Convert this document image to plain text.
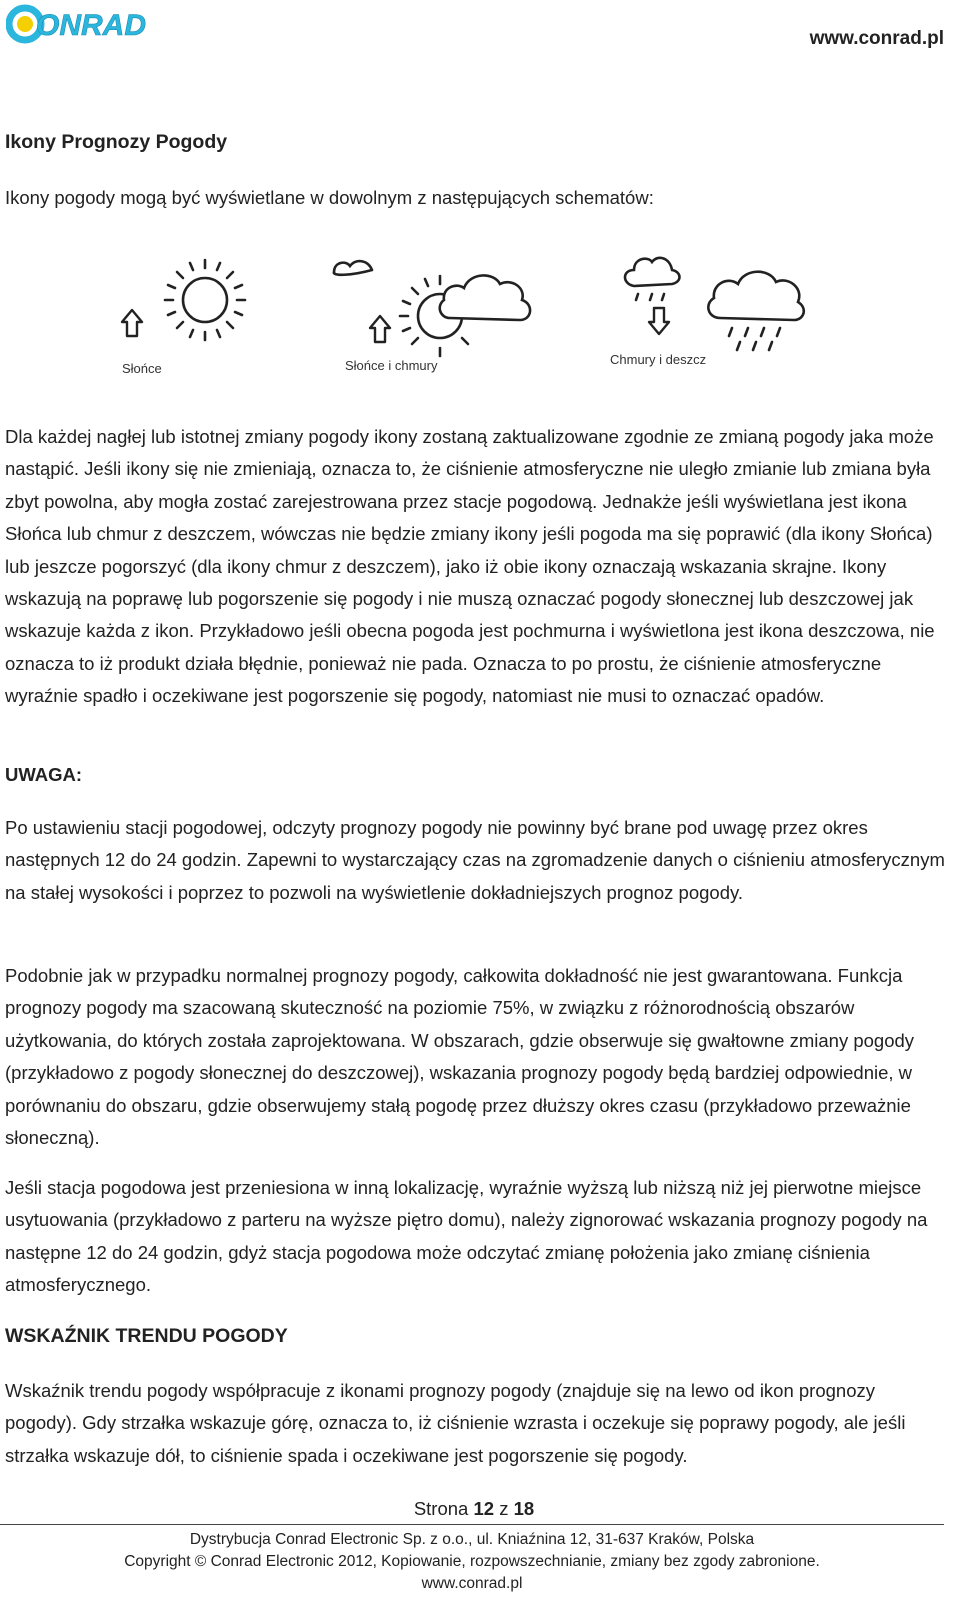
ONRAD	www.conrad.pl
Ikony Prognozy Pogody

Ikony pogody mogą być wyświetlane w dowolnym z następujących schematów:

Słońce	Słońce i chmury	Chmury i deszcz

Dla każdej nagłej lub istotnej zmiany pogody ikony zostaną zaktualizowane zgodnie ze zmianą pogody jaka może nastąpić. Jeśli ikony się nie zmieniają, oznacza to, że ciśnienie atmosferyczne nie uległo zmianie lub zmiana była zbyt powolna, aby mogła zostać zarejestrowana przez stacje pogodową. Jednakże jeśli wyświetlana jest ikona Słońca lub chmur z deszczem, wówczas nie będzie zmiany ikony jeśli pogoda ma się poprawić (dla ikony Słońca) lub jeszcze pogorszyć (dla ikony chmur z deszczem), jako iż obie ikony oznaczają wskazania skrajne. Ikony wskazują na poprawę lub pogorszenie się pogody i nie muszą oznaczać pogody słonecznej lub deszczowej jak wskazuje każda z ikon. Przykładowo jeśli obecna pogoda jest pochmurna i wyświetlona jest ikona deszczowa, nie oznacza to iż produkt działa błędnie, ponieważ nie pada. Oznacza to po prostu, że ciśnienie atmosferyczne wyraźnie spadło i oczekiwane jest pogorszenie się pogody, natomiast nie musi to oznaczać opadów.

UWAGA:

Po ustawieniu stacji pogodowej, odczyty prognozy pogody nie powinny być brane pod uwagę przez okres następnych 12 do 24 godzin. Zapewni to wystarczający czas na zgromadzenie danych o ciśnieniu atmosferycznym na stałej wysokości i poprzez to pozwoli na wyświetlenie dokładniejszych prognoz pogody.

Podobnie jak w przypadku normalnej prognozy pogody, całkowita dokładność nie jest gwarantowana. Funkcja prognozy pogody ma szacowaną skuteczność na poziomie 75%, w związku z różnorodnością obszarów użytkowania, do których została zaprojektowana. W obszarach, gdzie obserwuje się gwałtowne zmiany pogody (przykładowo z pogody słonecznej do deszczowej), wskazania prognozy pogody będą bardziej odpowiednie, w porównaniu do obszaru, gdzie obserwujemy stałą pogodę przez dłuższy okres czasu (przykładowo przeważnie słoneczną).

Jeśli stacja pogodowa jest przeniesiona w inną lokalizację, wyraźnie wyższą lub niższą niż jej pierwotne miejsce usytuowania (przykładowo z parteru na wyższe piętro domu), należy zignorować wskazania prognozy pogody na następne 12 do 24 godzin, gdyż stacja pogodowa może odczytać zmianę położenia jako zmianę ciśnienia atmosferycznego.

WSKAŹNIK TRENDU POGODY

Wskaźnik trendu pogody współpracuje z ikonami prognozy pogody (znajduje się na lewo od ikon prognozy pogody). Gdy strzałka wskazuje górę, oznacza to, iż ciśnienie wzrasta i oczekuje się poprawy pogody, ale jeśli strzałka wskazuje dół, to ciśnienie spada i oczekiwane jest pogorszenie się pogody.

Strona 12 z 18
Dystrybucja Conrad Electronic Sp. z o.o., ul. Kniaźnina 12, 31-637 Kraków, Polska
Copyright © Conrad Electronic 2012, Kopiowanie, rozpowszechnianie, zmiany bez zgody zabronione.
www.conrad.pl
